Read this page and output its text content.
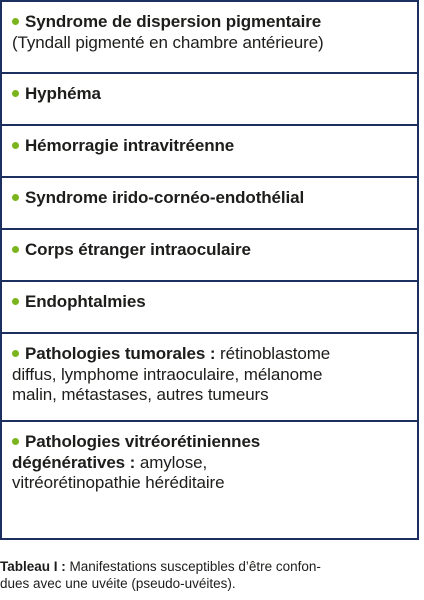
Syndrome de dispersion pigmentaire
(Tyndall pigmenté en chambre antérieure)
Hyphéma
Hémorragie intravitréenne
Syndrome irido-cornéo-endothélial
Corps étranger intraoculaire
Endophtalmies
Pathologies tumorales : rétinoblastome
diffus, lymphome intraoculaire, mélanome
malin, métastases, autres tumeurs
Pathologies vitréorétiniennes
dégénératives : amylose,
vitréorétinopathie héréditaire
Tableau I : Manifestations susceptibles d’être confon-
dues avec une uvéite (pseudo-uvéites).
